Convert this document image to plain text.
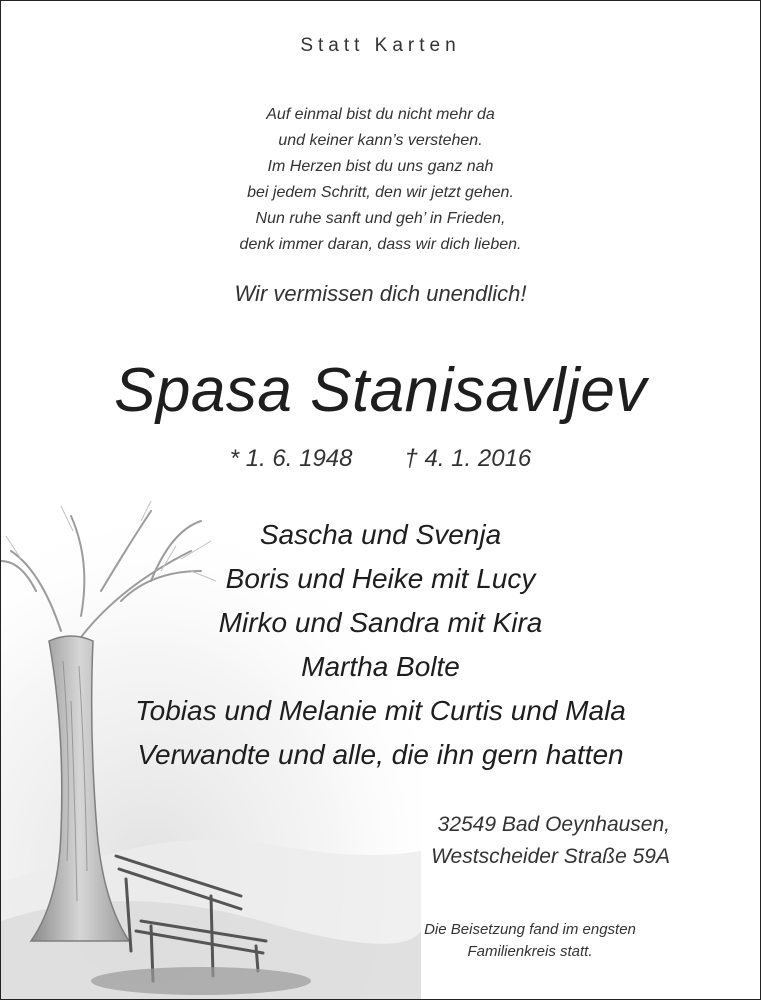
Statt Karten
Auf einmal bist du nicht mehr da
und keiner kann’s verstehen.
Im Herzen bist du uns ganz nah
bei jedem Schritt, den wir jetzt gehen.
Nun ruhe sanft und geh’ in Frieden,
denk immer daran, dass wir dich lieben.
Wir vermissen dich unendlich!
Spasa Stanisavljev
* 1. 6. 1948 † 4. 1. 2016
Sascha und Svenja
Boris und Heike mit Lucy
Mirko und Sandra mit Kira
Martha Bolte
Tobias und Melanie mit Curtis und Mala
Verwandte und alle, die ihn gern hatten
32549 Bad Oeynhausen,
Westscheider Straße 59A
Die Beisetzung fand im engsten
Familienkreis statt.
